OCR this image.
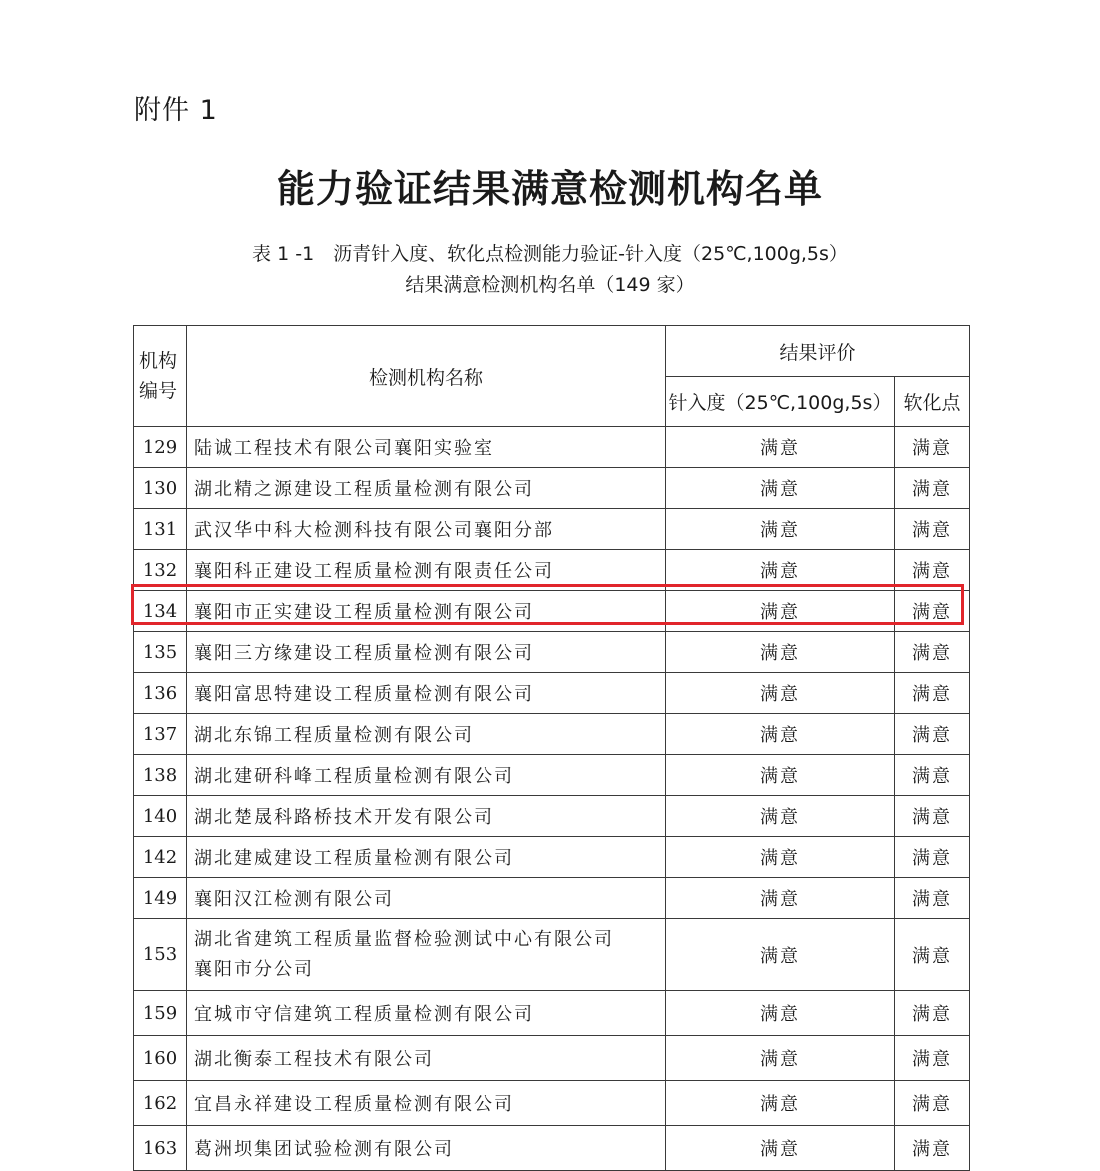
附件 1
能力验证结果满意检测机构名单
表 1 -1　沥青针入度、软化点检测能力验证-针入度（25℃,100g,5s）
结果满意检测机构名单（149 家）
机构
编号	检测机构名称	结果评价	
		针入度（25℃,100g,5s）	软化点
129	陆诚工程技术有限公司襄阳实验室	满意	满意
130	湖北精之源建设工程质量检测有限公司	满意	满意
131	武汉华中科大检测科技有限公司襄阳分部	满意	满意
132	襄阳科正建设工程质量检测有限责任公司	满意	满意
134	襄阳市正实建设工程质量检测有限公司	满意	满意
135	襄阳三方缘建设工程质量检测有限公司	满意	满意
136	襄阳富思特建设工程质量检测有限公司	满意	满意
137	湖北东锦工程质量检测有限公司	满意	满意
138	湖北建研科峰工程质量检测有限公司	满意	满意
140	湖北楚晟科路桥技术开发有限公司	满意	满意
142	湖北建威建设工程质量检测有限公司	满意	满意
149	襄阳汉江检测有限公司	满意	满意
153	湖北省建筑工程质量监督检验测试中心有限公司
襄阳市分公司	满意	满意
159	宜城市守信建筑工程质量检测有限公司	满意	满意
160	湖北衡泰工程技术有限公司	满意	满意
162	宜昌永祥建设工程质量检测有限公司	满意	满意
163	葛洲坝集团试验检测有限公司	满意	满意
